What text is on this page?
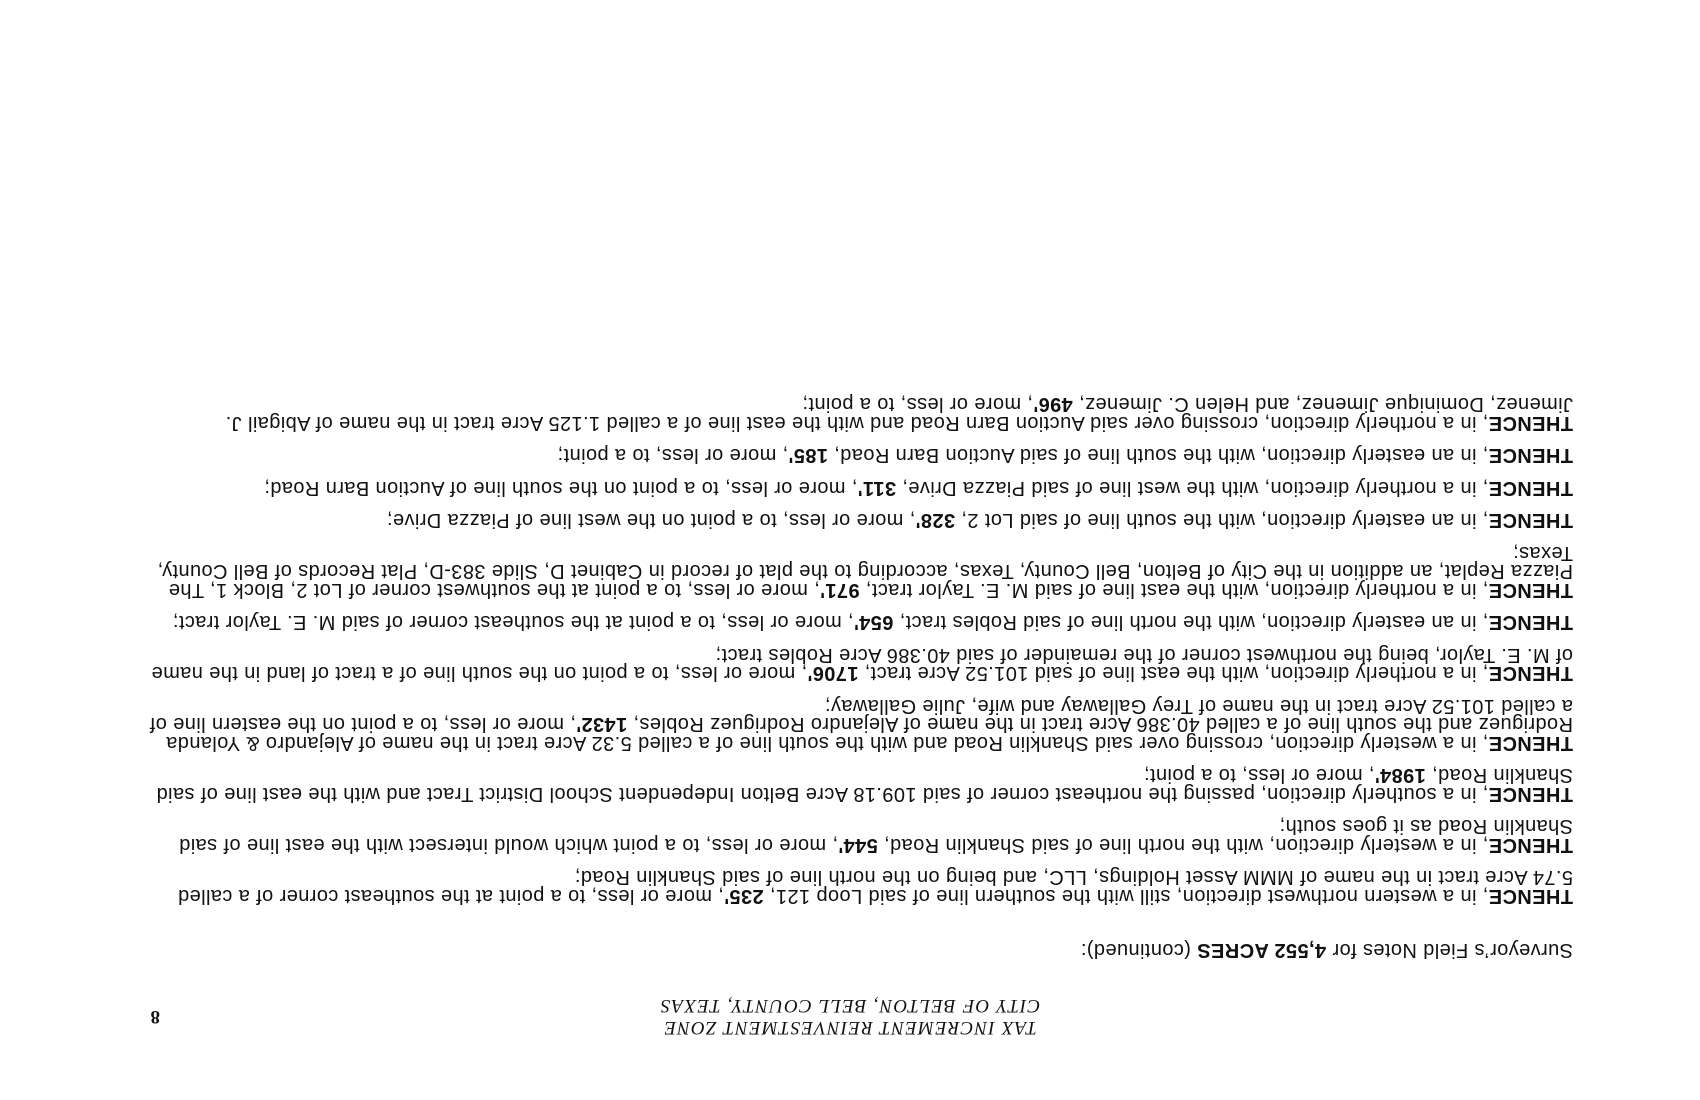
TAX INCREMENT REINVESTMENT ZONE
CITY OF BELTON, BELL COUNTY, TEXAS
8
Surveyor’s Field Notes for 4,552 ACRES (continued):

THENCE, in a western northwest direction, still with the southern line of said Loop 121, 235', more or less, to a point at the southeast corner of a called 5.74 Acre tract in the name of MMM Asset Holdings, LLC, and being on the north line of said Shanklin Road;

THENCE, in a westerly direction, with the north line of said Shanklin Road, 544', more or less, to a point which would intersect with the east line of said Shanklin Road as it goes south;

THENCE, in a southerly direction, passing the northeast corner of said 109.18 Acre Belton Independent School District Tract and with the east line of said Shanklin Road, 1984', more or less, to a point;

THENCE, in a westerly direction, crossing over said Shanklin Road and with the south line of a called 5.32 Acre tract in the name of Alejandro & Yolanda Rodriguez and the south line of a called 40.386 Acre tract in the name of Alejandro Rodriguez Robles, 1432', more or less, to a point on the eastern line of a called 101.52 Acre tract in the name of Trey Gallaway and wife, Julie Gallaway;

THENCE, in a northerly direction, with the east line of said 101.52 Acre tract, 1706', more or less, to a point on the south line of a tract of land in the name of M. E. Taylor, being the northwest corner of the remainder of said 40.386 Acre Robles tract;

THENCE, in an easterly direction, with the north line of said Robles tract, 654', more or less, to a point at the southeast corner of said M. E. Taylor tract;

THENCE, in a northerly direction, with the east line of said M. E. Taylor tract, 971', more or less, to a point at the southwest corner of Lot 2, Block 1, The Piazza Replat, an addition in the City of Belton, Bell County, Texas, according to the plat of record in Cabinet D, Slide 383-D, Plat Records of Bell County, Texas;

THENCE, in an easterly direction, with the south line of said Lot 2, 328', more or less, to a point on the west line of Piazza Drive;

THENCE, in a northerly direction, with the west line of said Piazza Drive, 311', more or less, to a point on the south line of Auction Barn Road;

THENCE, in an easterly direction, with the south line of said Auction Barn Road, 185', more or less, to a point;

THENCE, in a northerly direction, crossing over said Auction Barn Road and with the east line of a called 1.125 Acre tract in the name of Abigail J. Jimenez, Dominique Jimenez, and Helen C. Jimenez, 496', more or less, to a point;
